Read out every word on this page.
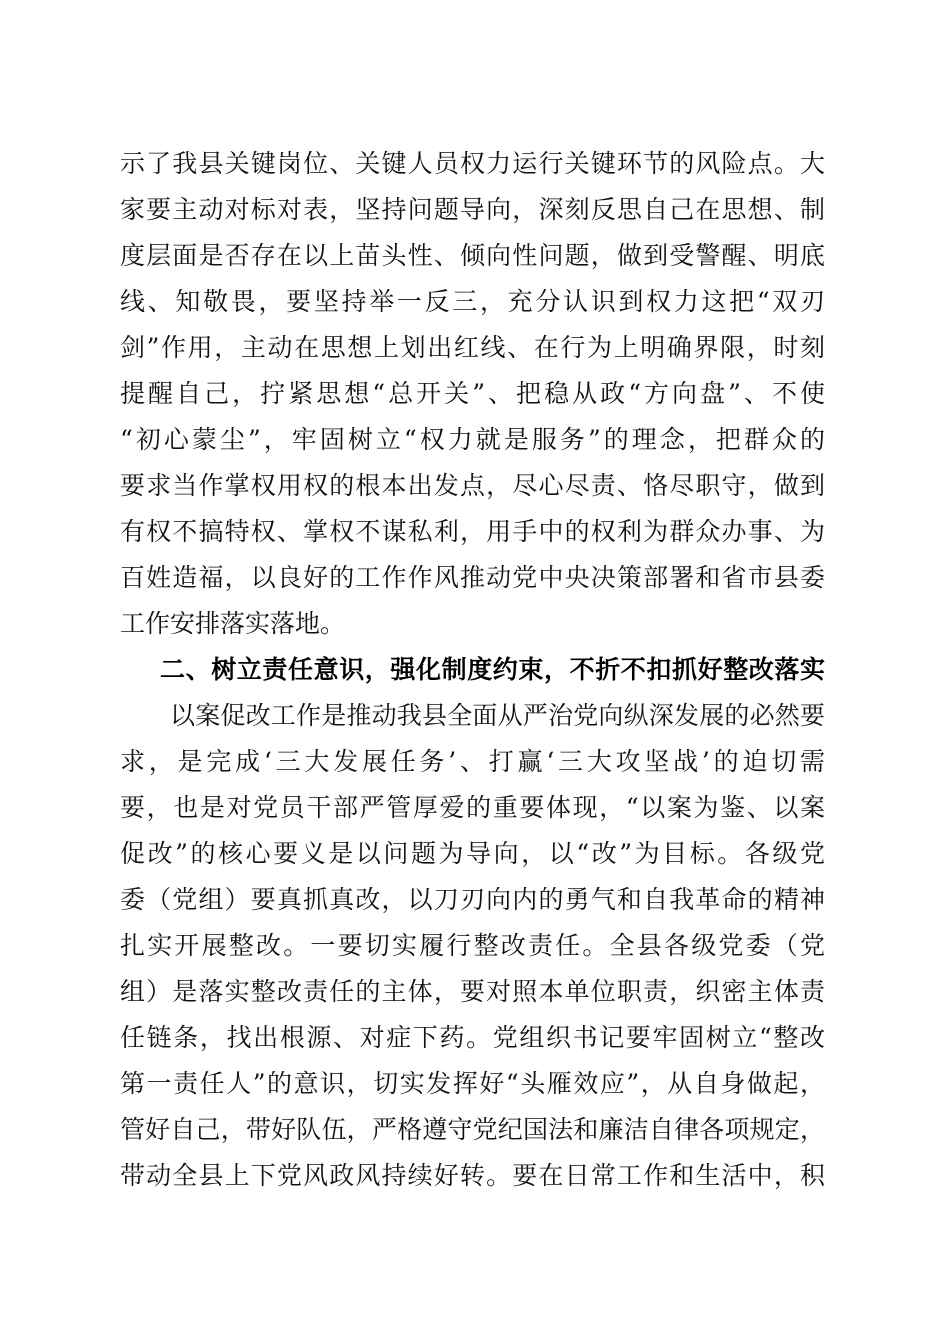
示了我县关键岗位、关键人员权力运行关键环节的风险点。大
家要主动对标对表，坚持问题导向，深刻反思自己在思想、制
度层面是否存在以上苗头性、倾向性问题，做到受警醒、明底
线、知敬畏，要坚持举一反三，充分认识到权力这把“双刃
剑”作用，主动在思想上划出红线、在行为上明确界限，时刻
提醒自己，拧紧思想“总开关”、把稳从政“方向盘”、不使
“初心蒙尘”，牢固树立“权力就是服务”的理念，把群众的
要求当作掌权用权的根本出发点，尽心尽责、恪尽职守，做到
有权不搞特权、掌权不谋私利，用手中的权利为群众办事、为
百姓造福，以良好的工作作风推动党中央决策部署和省市县委
工作安排落实落地。
二、树立责任意识，强化制度约束，不折不扣抓好整改落实
以案促改工作是推动我县全面从严治党向纵深发展的必然要
求，是完成‘三大发展任务’、打赢‘三大攻坚战’的迫切需
要，也是对党员干部严管厚爱的重要体现，“以案为鉴、以案
促改”的核心要义是以问题为导向，以“改”为目标。各级党
委（党组）要真抓真改，以刀刃向内的勇气和自我革命的精神
扎实开展整改。一要切实履行整改责任。全县各级党委（党
组）是落实整改责任的主体，要对照本单位职责，织密主体责
任链条，找出根源、对症下药。党组织书记要牢固树立“整改
第一责任人”的意识，切实发挥好“头雁效应”，从自身做起，
管好自己，带好队伍，严格遵守党纪国法和廉洁自律各项规定，
带动全县上下党风政风持续好转。要在日常工作和生活中，积
